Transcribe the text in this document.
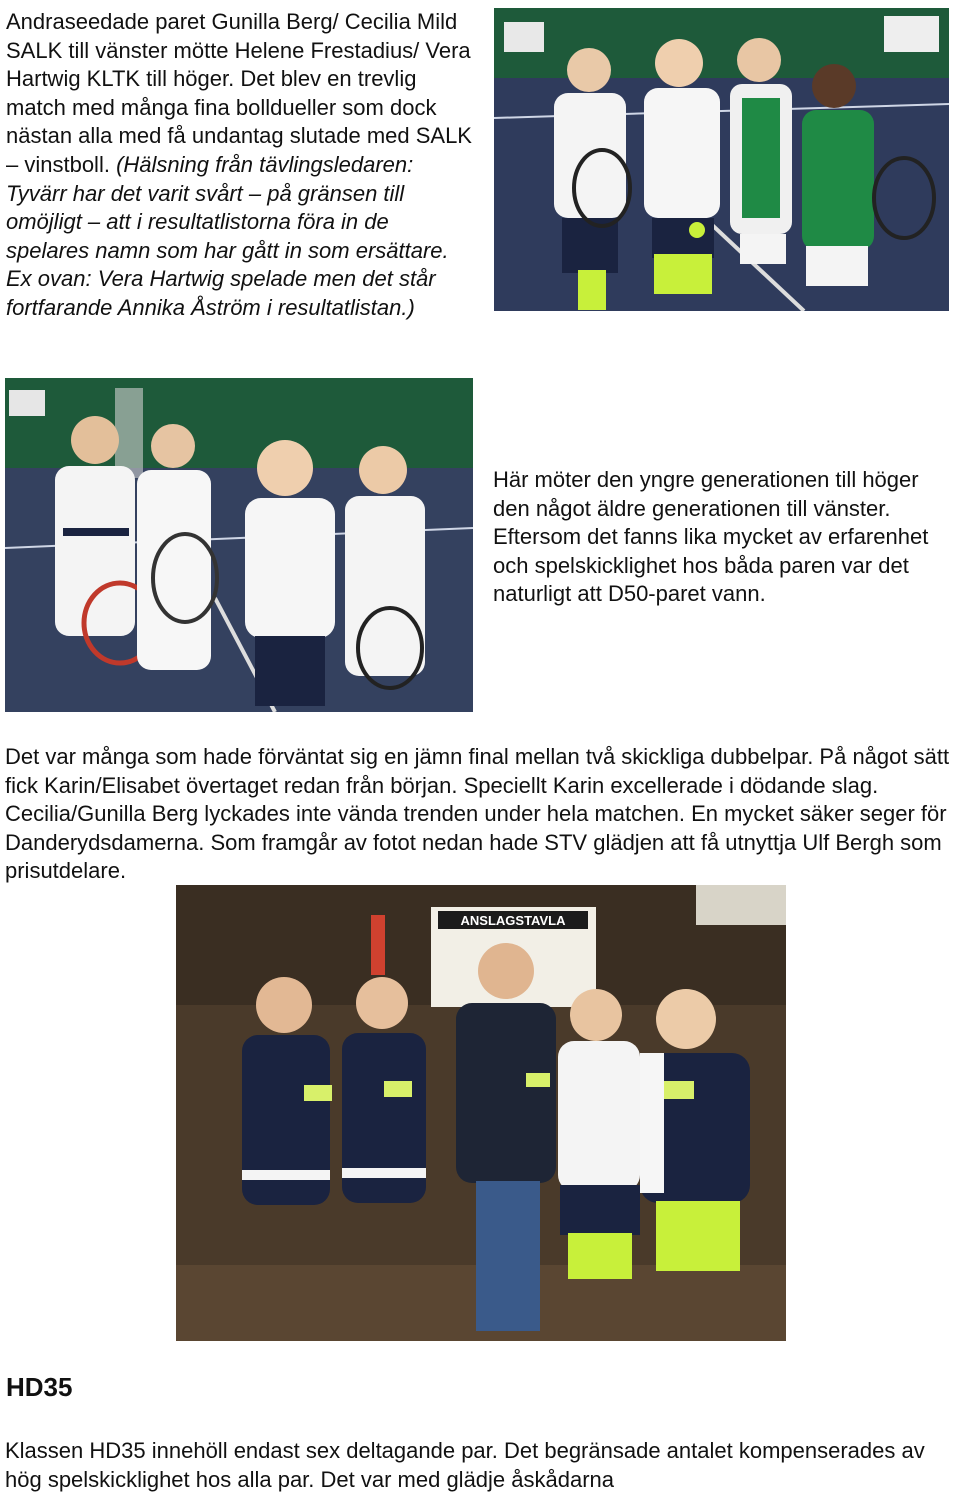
Andraseedade paret Gunilla Berg/ Cecilia Mild SALK till vänster mötte Helene Frestadius/ Vera Hartwig KLTK till höger. Det blev en trevlig match med många fina bolldueller som dock nästan alla med få undantag slutade med SALK – vinstboll. (Hälsning från tävlingsledaren: Tyvärr har det varit svårt – på gränsen till omöjligt – att i resultatlistorna föra in de spelares namn som har gått in som ersättare. Ex ovan: Vera Hartwig spelade men det står fortfarande Annika Åström i resultatlistan.)

Här möter den yngre generationen till höger den något äldre generationen till vänster. Eftersom det fanns lika mycket av erfarenhet och spelskicklighet hos båda paren var det naturligt att D50-paret vann.

Det var många som hade förväntat sig en jämn final mellan två skickliga dubbelpar. På något sätt fick Karin/Elisabet övertaget redan från början. Speciellt Karin excellerade i dödande slag. Cecilia/Gunilla Berg lyckades inte vända trenden under hela matchen. En mycket säker seger för Danderydsdamerna. Som framgår av fotot nedan hade STV glädjen att få utnyttja Ulf Bergh som prisutdelare.

ANSLAGSTAVLA
HD35

Klassen HD35 innehöll endast sex deltagande par. Det begränsade antalet kompenserades av hög spelskicklighet hos alla par. Det var med glädje åskådarna
